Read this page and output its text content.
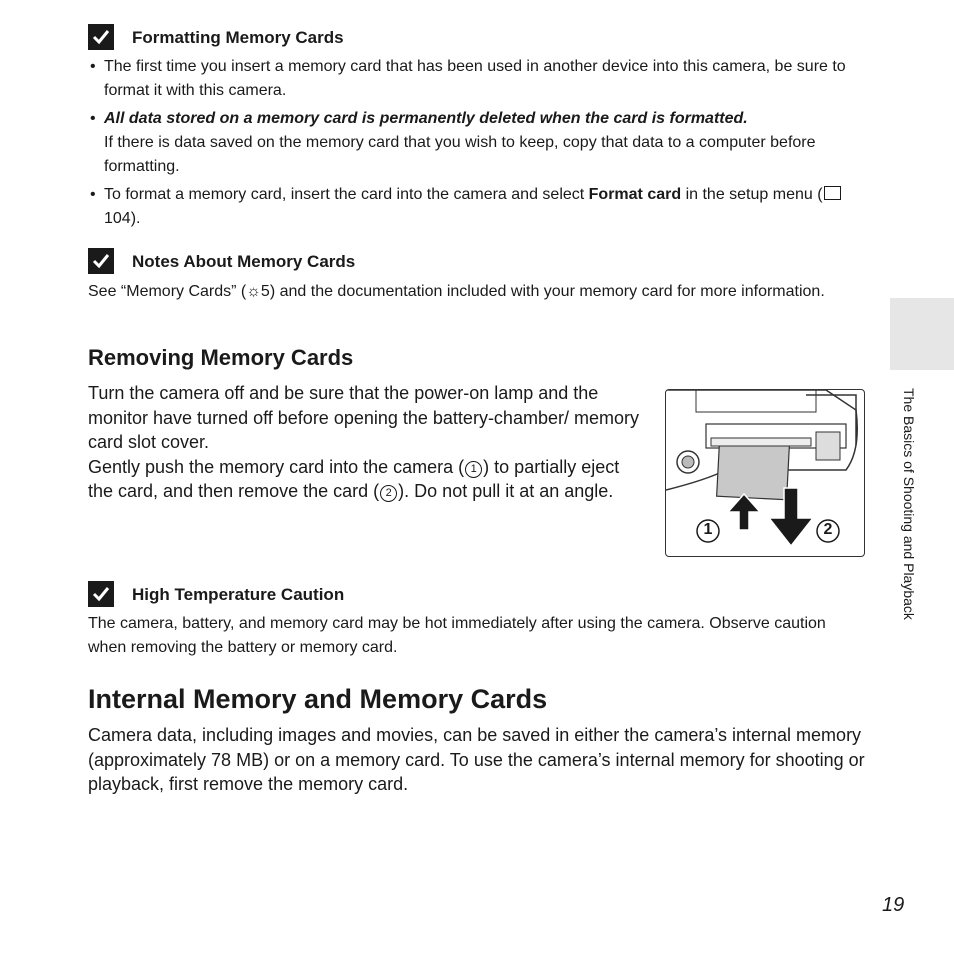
Formatting Memory Cards
• The first time you insert a memory card that has been used in another device into this camera, be sure to format it with this camera.
• All data stored on a memory card is permanently deleted when the card is formatted.
If there is data saved on the memory card that you wish to keep, copy that data to a computer before formatting.
• To format a memory card, insert the card into the camera and select Format card in the setup menu (104).
Notes About Memory Cards
See “Memory Cards” (☼5) and the documentation included with your memory card for more information.
Removing Memory Cards
Turn the camera off and be sure that the power-on lamp and the monitor have turned off before opening the battery-chamber/ memory card slot cover.
Gently push the memory card into the camera ( 1 ) to partially eject the card, and then remove the card ( 2 ). Do not pull it at an angle.
1	2
High Temperature Caution
The camera, battery, and memory card may be hot immediately after using the camera. Observe caution when removing the battery or memory card.
Internal Memory and Memory Cards
Camera data, including images and movies, can be saved in either the camera’s internal memory (approximately 78 MB) or on a memory card. To use the camera’s internal memory for shooting or playback, first remove the memory card.
The Basics of Shooting and Playback
19
